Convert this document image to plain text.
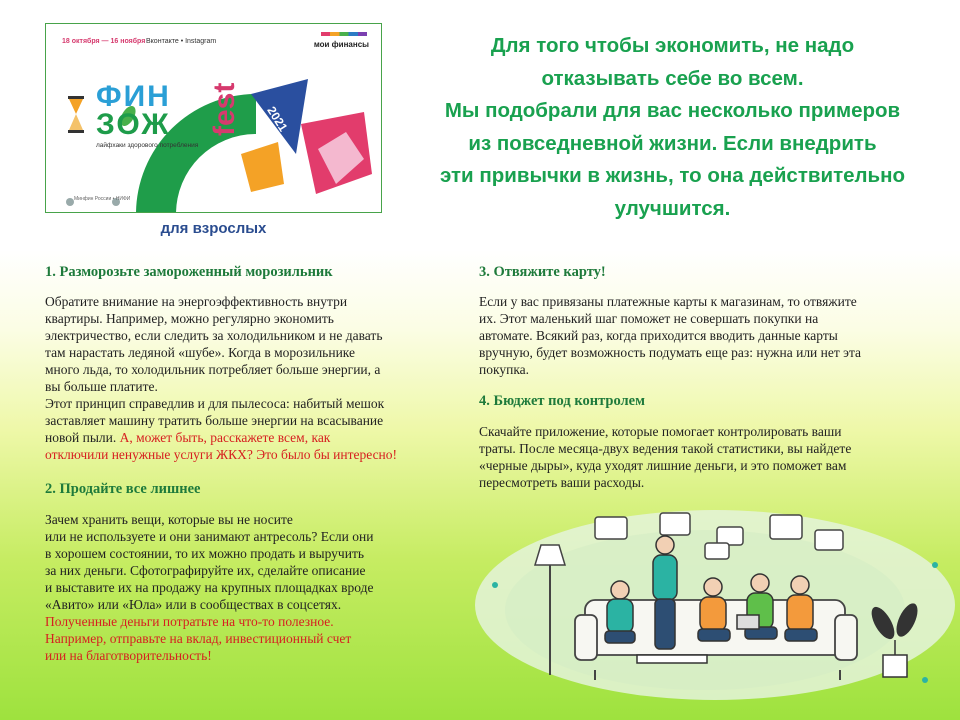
18 октября — 16 ноября Вконтакте • Instagram	мои финансы
ФИН
ЗОЖ fest 2021
лайфхаки здорового потребления
Минфин России • НИФИ
для взрослых
Для того чтобы экономить, не надо
отказывать себе во всем.
Мы подобрали для вас несколько примеров
из повседневной жизни. Если внедрить
эти привычки в жизнь, то она действительно
улучшится.
1. Разморозьте замороженный морозильник

Обратите внимание на энергоэффективность внутри
квартиры. Например, можно регулярно экономить
электричество, если следить за холодильником и не давать
там нарастать ледяной «шубе». Когда в морозильнике
много льда, то холодильник потребляет больше энергии, а
вы больше платите.
Этот принцип справедлив и для пылесоса: набитый мешок
заставляет машину тратить больше энергии на всасывание
новой пыли. А, может быть, расскажете всем, как
отключили ненужные услуги ЖКХ? Это было бы интересно!

2. Продайте все лишнее

Зачем хранить вещи, которые вы не носите
или не используете и они занимают антресоль? Если они
в хорошем состоянии, то их можно продать и выручить
за них деньги. Сфотографируйте их, сделайте описание
и выставите их на продажу на крупных площадках вроде
«Авито» или «Юла» или в сообществах в соцсетях.
Полученные деньги потратьте на что-то полезное.
Например, отправьте на вклад, инвестиционный счет
или на благотворительность!

3. Отвяжите карту!

Если у вас привязаны платежные карты к магазинам, то отвяжите
их. Этот маленький шаг поможет не совершать покупки на
автомате. Всякий раз, когда приходится вводить данные карты
вручную, будет возможность подумать еще раз: нужна или нет эта
покупка.

4. Бюджет под контролем

Скачайте приложение, которые помогает контролировать ваши
траты. После месяца-двух ведения такой статистики, вы найдете
«черные дыры», куда уходят лишние деньги, и это поможет вам
пересмотреть ваши расходы.
